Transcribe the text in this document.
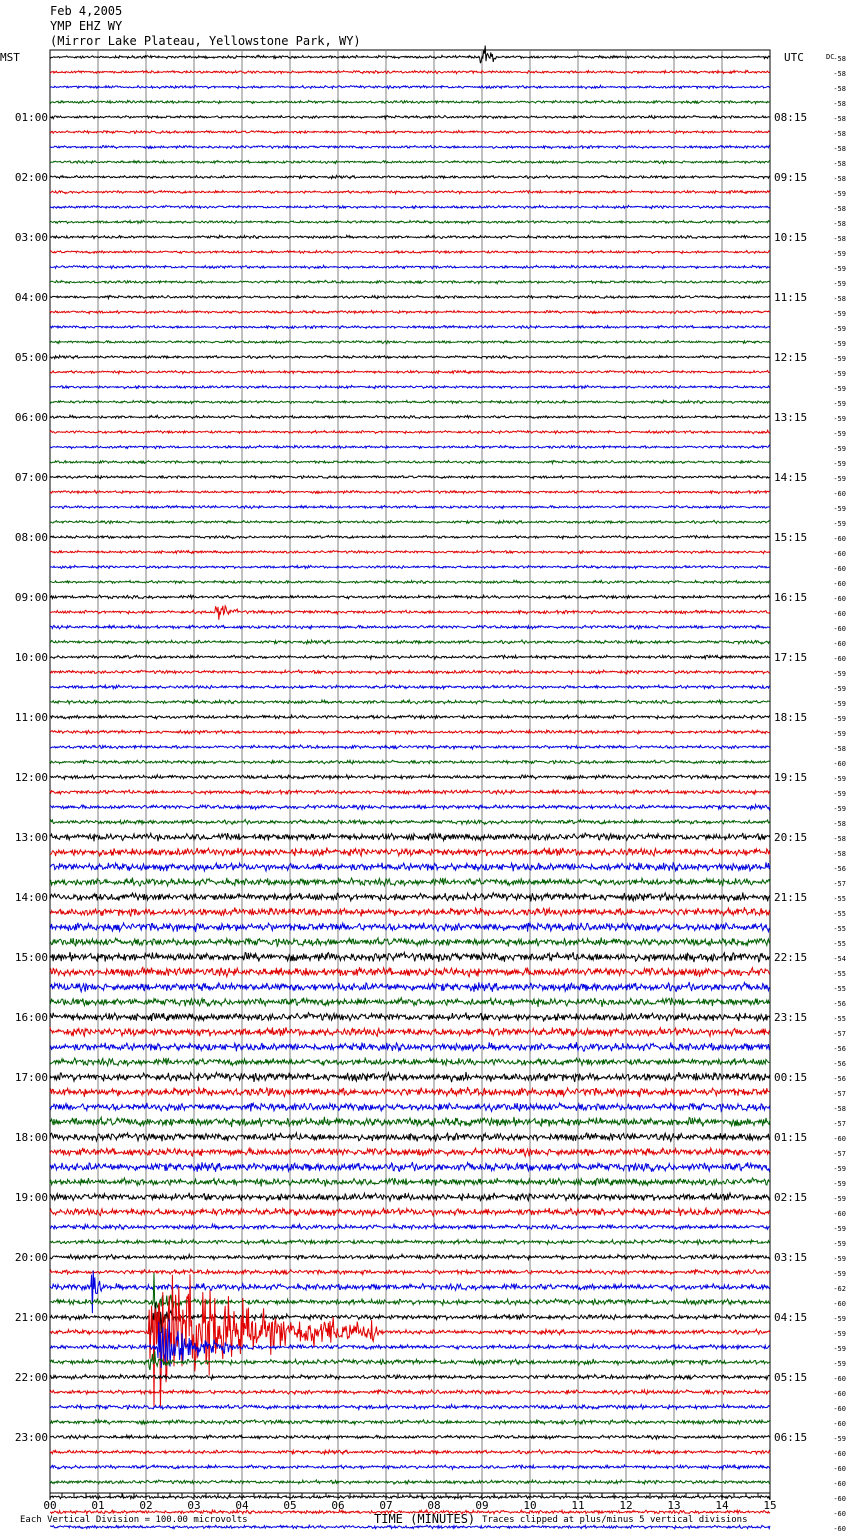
Feb 4,2005
YMP EHZ WY
(Mirror Lake Plateau, Yellowstone Park, WY)
MST	UTC	DC
01:00
02:00
03:00
04:00
05:00
06:00
07:00
08:00
09:00
10:00
11:00
12:00
13:00
14:00
15:00
16:00
17:00
18:00
19:00
20:00
21:00
22:00
23:00
08:15
09:15
10:15
11:15
12:15
13:15
14:15
15:15
16:15
17:15
18:15
19:15
20:15
21:15
22:15
23:15
00:15
01:15
02:15
03:15
04:15
05:15
06:15
-58
-58
-58
-58
-58
-58
-58
-58
-58
-59
-58
-58
-58
-59
-59
-59
-58
-59
-59
-59
-59
-59
-59
-59
-59
-59
-59
-59
-59
-60
-59
-59
-60
-60
-60
-60
-60
-60
-60
-60
-60
-59
-59
-59
-59
-59
-58
-60
-59
-59
-59
-58
-58
-58
-56
-57
-55
-55
-55
-55
-54
-55
-55
-56
-55
-57
-56
-56
-56
-57
-58
-57
-60
-57
-59
-59
-59
-60
-59
-59
-59
-59
-62
-60
-59
-59
-59
-59
-60
-60
-60
-60
-59
-60
-60
-60
-60
-60
-60
00	01	02	03	04	05	06	07	08	09	10	11	12	13	14	15
Each Vertical Division = 100.00 microvolts	TIME (MINUTES) Traces clipped at plus/minus 5 vertical divisions
